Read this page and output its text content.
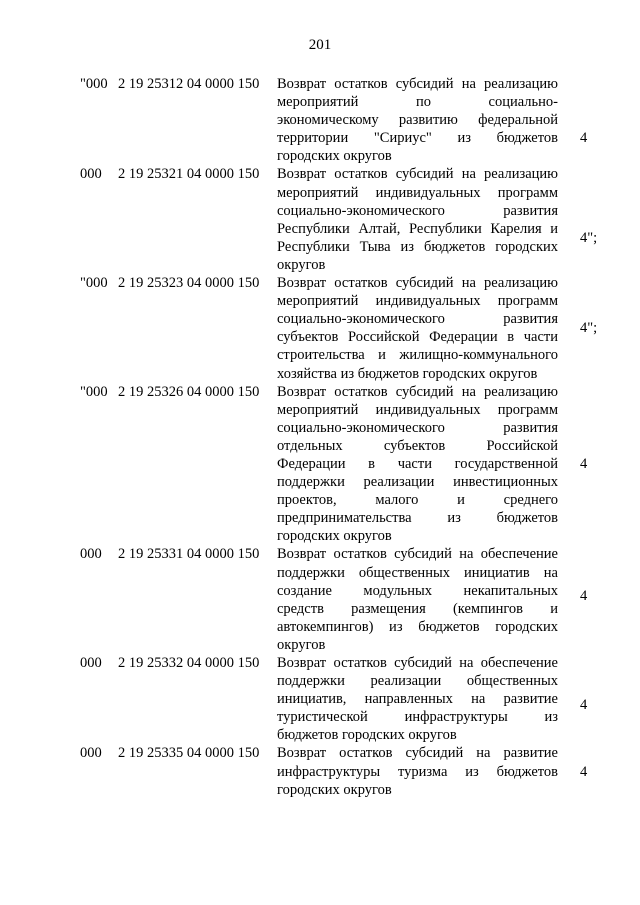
201
"000 2 19 25312 04 0000 150 Возврат остатков субсидий на реализацию
мероприятий по социально-
экономическому развитию федеральной
территории "Сириус" из бюджетов
городских округов
4
000 2 19 25321 04 0000 150 Возврат остатков субсидий на реализацию
мероприятий индивидуальных программ
социально-экономического развития
Республики Алтай, Республики Карелия и
Республики Тыва из бюджетов городских
округов
4";
"000 2 19 25323 04 0000 150 Возврат остатков субсидий на реализацию
мероприятий индивидуальных программ
социально-экономического развития
субъектов Российской Федерации в части
строительства и жилищно-коммунального
хозяйства из бюджетов городских округов
4";
"000 2 19 25326 04 0000 150 Возврат остатков субсидий на реализацию
мероприятий индивидуальных программ
социально-экономического развития
отдельных субъектов Российской
Федерации в части государственной
поддержки реализации инвестиционных
проектов, малого и среднего
предпринимательства из бюджетов
городских округов
4
000 2 19 25331 04 0000 150 Возврат остатков субсидий на обеспечение
поддержки общественных инициатив на
создание модульных некапитальных
средств размещения (кемпингов и
автокемпингов) из бюджетов городских
округов
4
000 2 19 25332 04 0000 150 Возврат остатков субсидий на обеспечение
поддержки реализации общественных
инициатив, направленных на развитие
туристической инфраструктуры из
бюджетов городских округов
4
000 2 19 25335 04 0000 150 Возврат остатков субсидий на развитие
инфраструктуры туризма из бюджетов
городских округов
4
